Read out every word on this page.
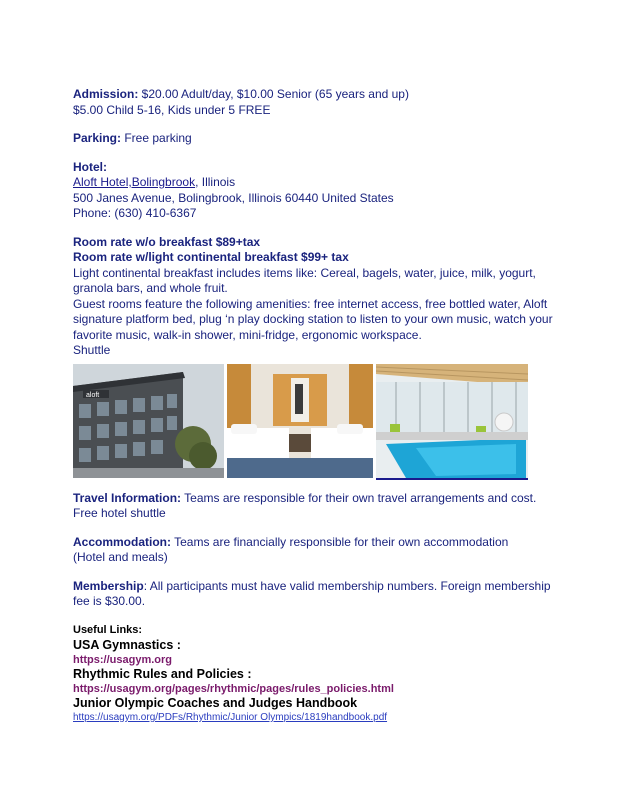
Admission: $20.00 Adult/day, $10.00 Senior (65 years and up)
$5.00 Child 5-16, Kids under 5 FREE
Parking: Free parking
Hotel:
Aloft Hotel,Bolingbrook, Illinois
500 Janes Avenue, Bolingbrook, Illinois 60440 United States
Phone: (630) 410-6367
Room rate w/o breakfast $89+tax
Room rate w/light continental breakfast $99+ tax
Light continental breakfast includes items like: Cereal, bagels, water, juice, milk, yogurt, granola bars, and whole fruit.
Guest rooms feature the following amenities: free internet access, free bottled water, Aloft signature platform bed, plug ‘n play docking station to listen to your own music, watch your favorite music, walk-in shower, mini-fridge, ergonomic workspace.
Shuttle
aloft
Travel Information: Teams are responsible for their own travel arrangements and cost.
Free hotel shuttle
Accommodation: Teams are financially responsible for their own accommodation
(Hotel and meals)
Membership: All participants must have valid membership numbers. Foreign membership fee is $30.00.
Useful Links:
USA Gymnastics :
https://usagym.org
Rhythmic Rules and Policies :
https://usagym.org/pages/rhythmic/pages/rules_policies.html
Junior Olympic Coaches and Judges Handbook
https://usagym.org/PDFs/Rhythmic/Junior Olympics/1819handbook.pdf
